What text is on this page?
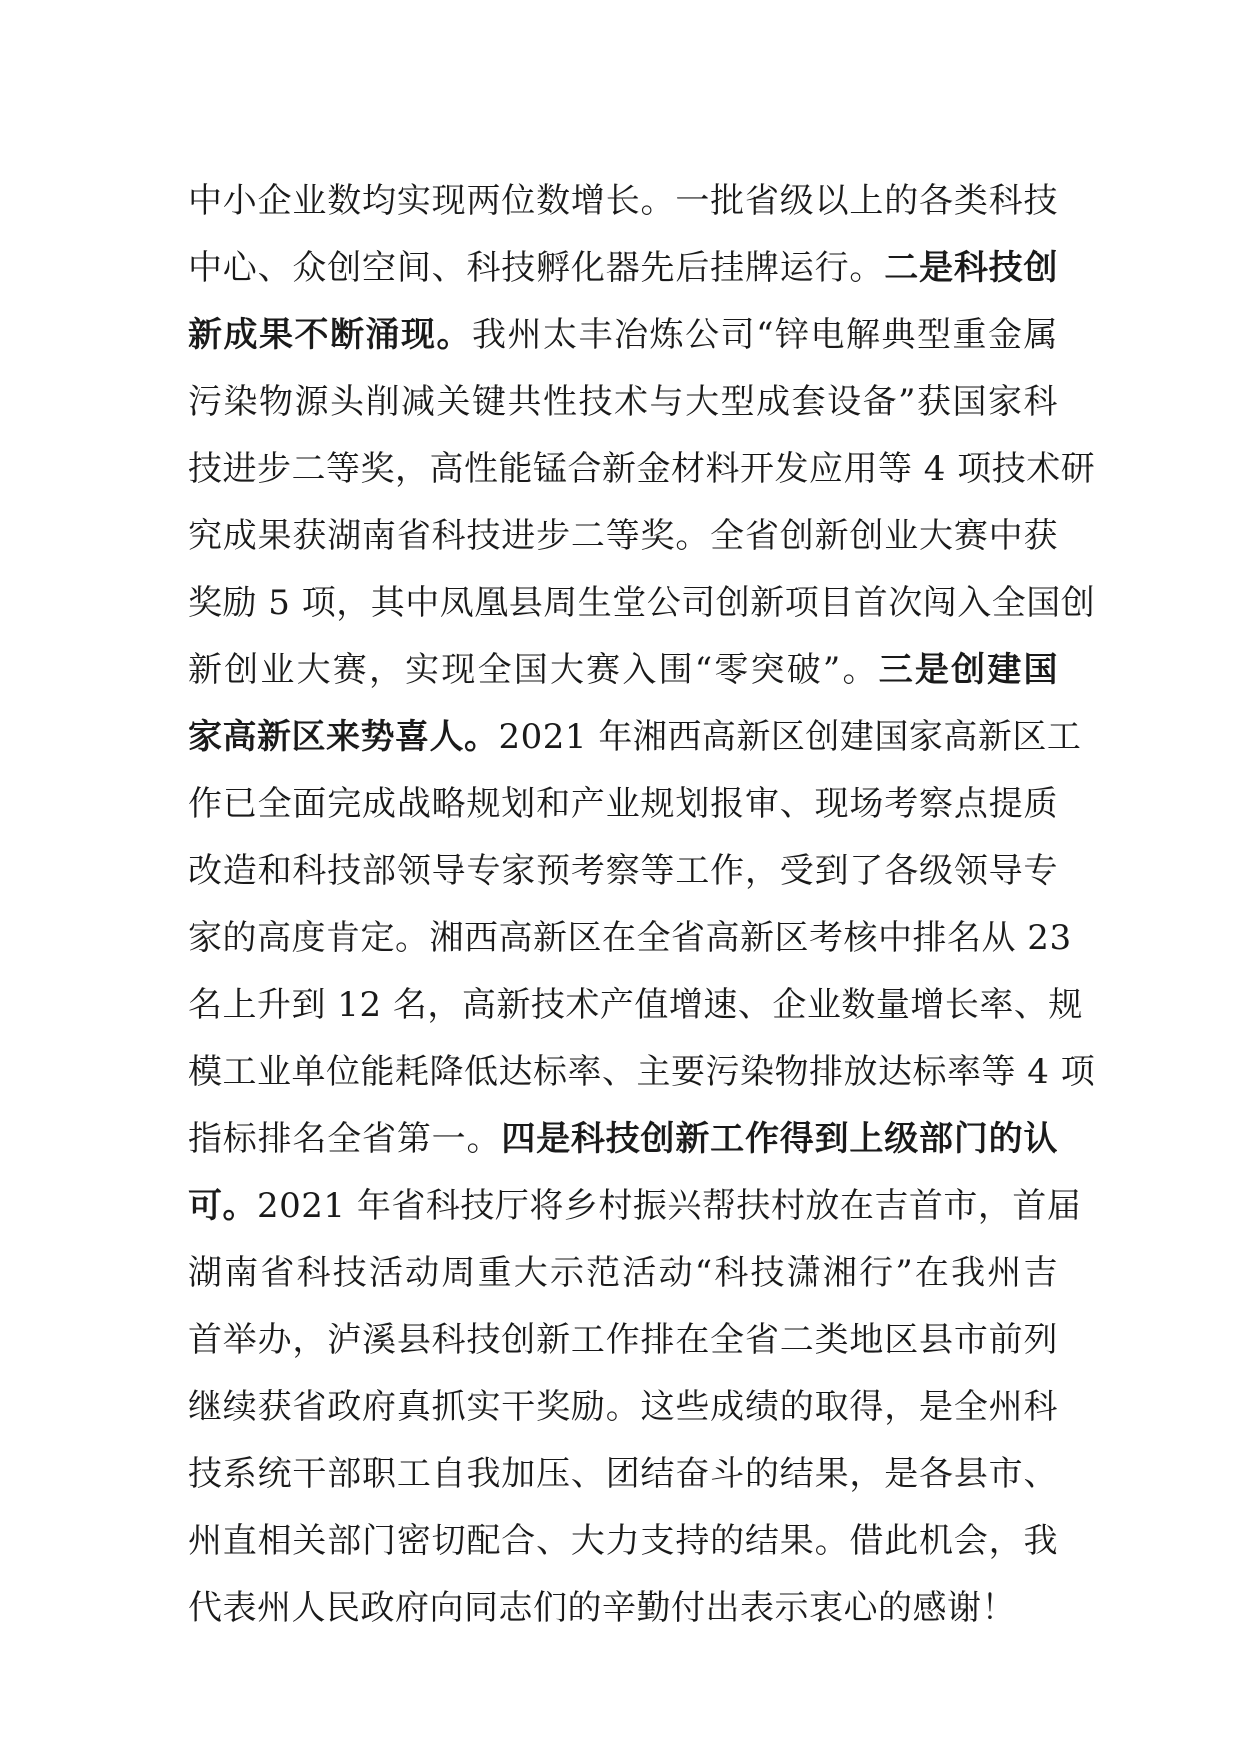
中小企业数均实现两位数增长。一批省级以上的各类科技
中心、众创空间、科技孵化器先后挂牌运行。二是科技创
新成果不断涌现。我州太丰冶炼公司“锌电解典型重金属
污染物源头削减关键共性技术与大型成套设备”获国家科
技进步二等奖，高性能锰合新金材料开发应用等 4 项技术研
究成果获湖南省科技进步二等奖。全省创新创业大赛中获
奖励 5 项，其中凤凰县周生堂公司创新项目首次闯入全国创
新创业大赛，实现全国大赛入围“零突破”。三是创建国
家高新区来势喜人。2021 年湘西高新区创建国家高新区工
作已全面完成战略规划和产业规划报审、现场考察点提质
改造和科技部领导专家预考察等工作，受到了各级领导专
家的高度肯定。湘西高新区在全省高新区考核中排名从 23
名上升到 12 名，高新技术产值增速、企业数量增长率、规
模工业单位能耗降低达标率、主要污染物排放达标率等 4 项
指标排名全省第一。四是科技创新工作得到上级部门的认
可。2021 年省科技厅将乡村振兴帮扶村放在吉首市，首届
湖南省科技活动周重大示范活动“科技潇湘行”在我州吉
首举办，泸溪县科技创新工作排在全省二类地区县市前列
继续获省政府真抓实干奖励。这些成绩的取得，是全州科
技系统干部职工自我加压、团结奋斗的结果，是各县市、
州直相关部门密切配合、大力支持的结果。借此机会，我
代表州人民政府向同志们的辛勤付出表示衷心的感谢！
